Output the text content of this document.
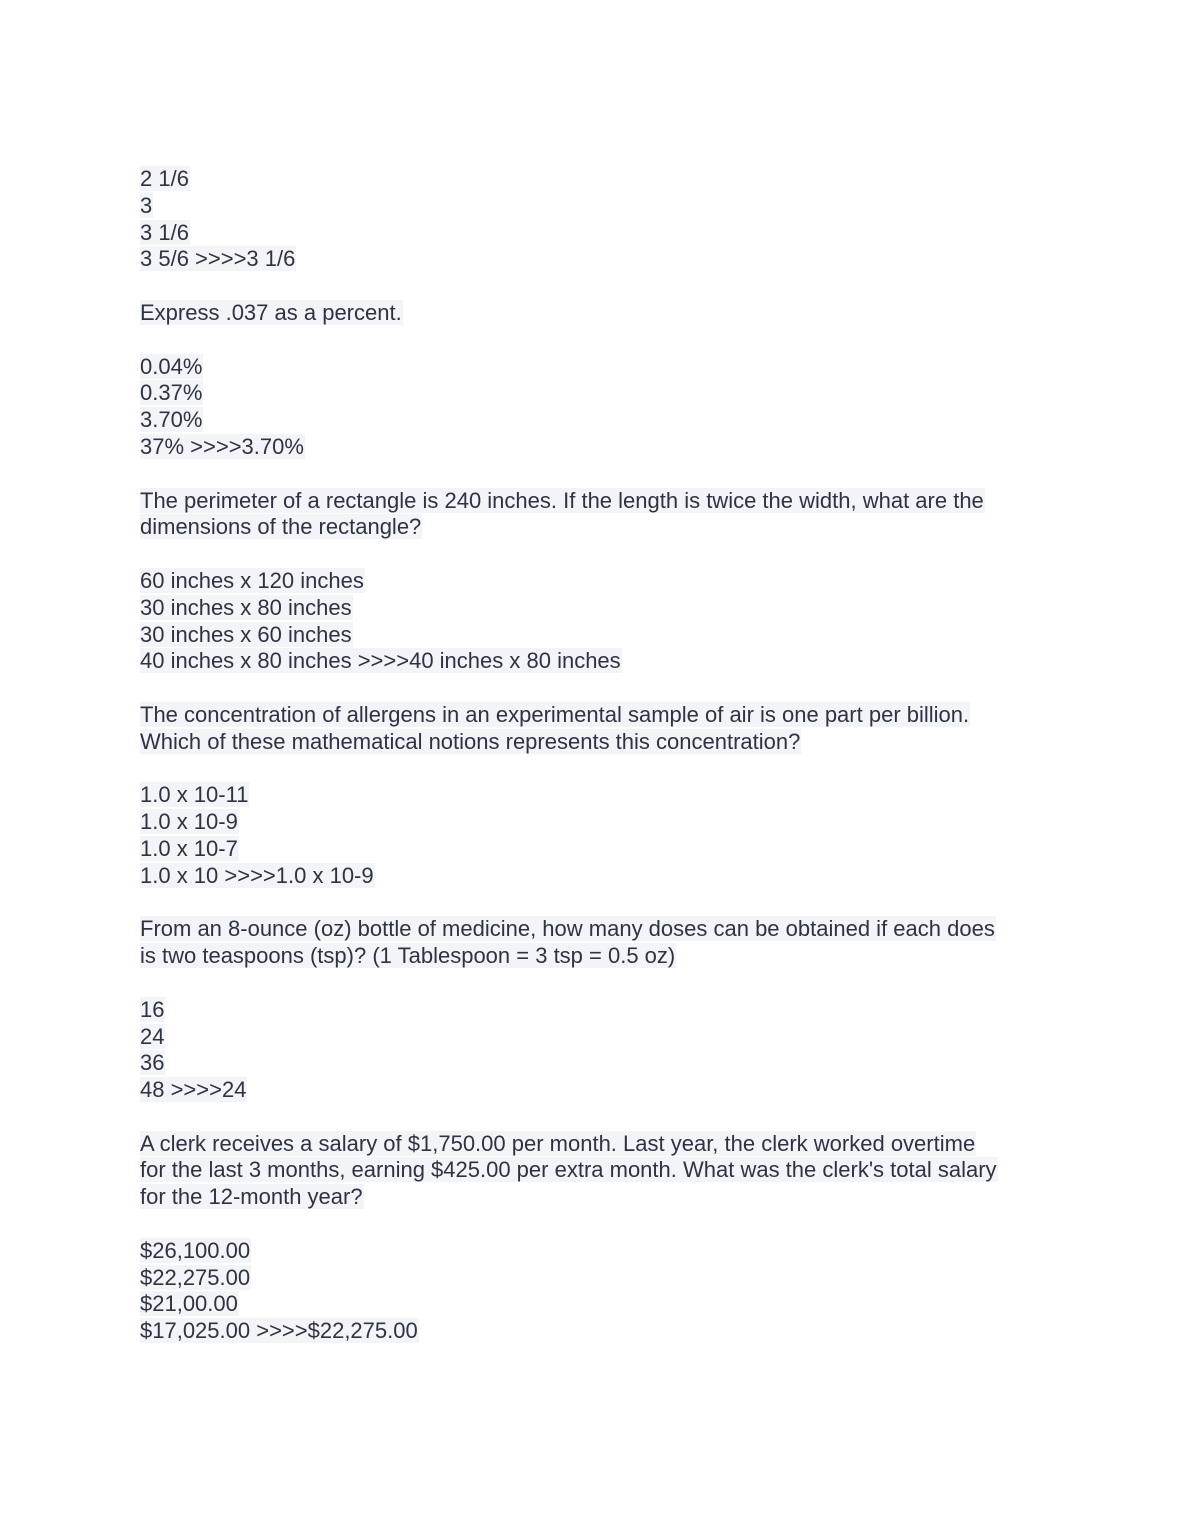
2 1/6
3
3 1/6
3 5/6 >>>>3 1/6
Express .037 as a percent.
0.04%
0.37%
3.70%
37% >>>>3.70%
The perimeter of a rectangle is 240 inches. If the length is twice the width, what are the
dimensions of the rectangle?
60 inches x 120 inches
30 inches x 80 inches
30 inches x 60 inches
40 inches x 80 inches >>>>40 inches x 80 inches
The concentration of allergens in an experimental sample of air is one part per billion.
Which of these mathematical notions represents this concentration?
1.0 x 10-11
1.0 x 10-9
1.0 x 10-7
1.0 x 10 >>>>1.0 x 10-9
From an 8-ounce (oz) bottle of medicine, how many doses can be obtained if each does
is two teaspoons (tsp)? (1 Tablespoon = 3 tsp = 0.5 oz)
16
24
36
48 >>>>24
A clerk receives a salary of $1,750.00 per month. Last year, the clerk worked overtime
for the last 3 months, earning $425.00 per extra month. What was the clerk's total salary
for the 12-month year?
$26,100.00
$22,275.00
$21,00.00
$17,025.00 >>>>$22,275.00
